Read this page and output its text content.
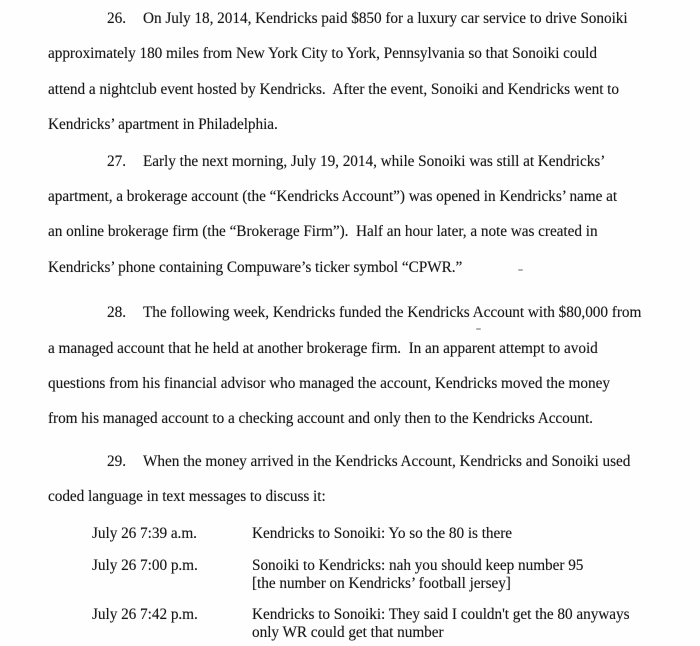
26. On July 18, 2014, Kendricks paid $850 for a luxury car service to drive Sonoiki
approximately 180 miles from New York City to York, Pennsylvania so that Sonoiki could
attend a nightclub event hosted by Kendricks.  After the event, Sonoiki and Kendricks went to
Kendricks’ apartment in Philadelphia.
27. Early the next morning, July 19, 2014, while Sonoiki was still at Kendricks’
apartment, a brokerage account (the “Kendricks Account”) was opened in Kendricks’ name at
an online brokerage firm (the “Brokerage Firm”).  Half an hour later, a note was created in
Kendricks’ phone containing Compuware’s ticker symbol “CPWR.”
28. The following week, Kendricks funded the Kendricks Account with $80,000 from
a managed account that he held at another brokerage firm.  In an apparent attempt to avoid
questions from his financial advisor who managed the account, Kendricks moved the money
from his managed account to a checking account and only then to the Kendricks Account.
29. When the money arrived in the Kendricks Account, Kendricks and Sonoiki used
coded language in text messages to discuss it:
July 26 7:39 a.m.	Kendricks to Sonoiki: Yo so the 80 is there
July 26 7:00 p.m.	Sonoiki to Kendricks: nah you should keep number 95
[the number on Kendricks’ football jersey]
July 26 7:42 p.m.	Kendricks to Sonoiki: They said I couldn't get the 80 anyways
only WR could get that number
